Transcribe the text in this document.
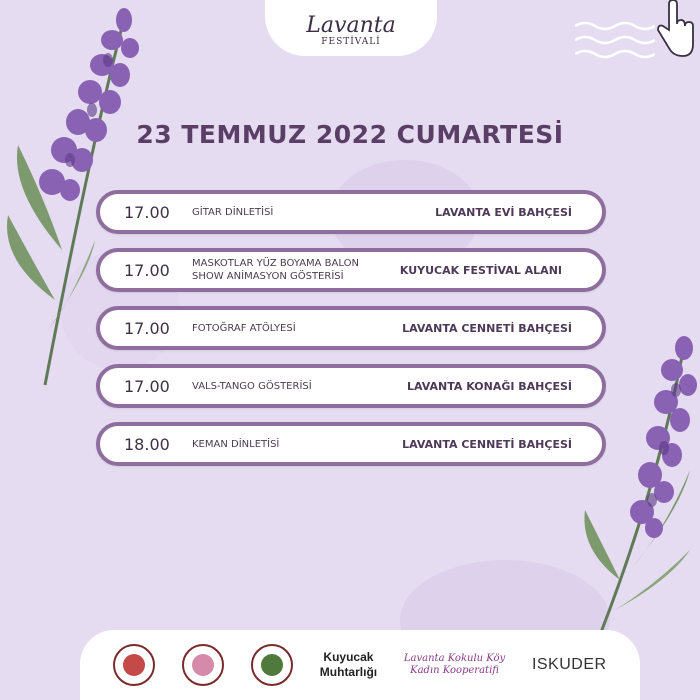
Lavanta
FESTİVALİ
23 TEMMUZ 2022 CUMARTESİ
17.00	GİTAR DİNLETİSİ	LAVANTA EVİ BAHÇESİ
17.00	MASKOTLAR YÜZ BOYAMA BALON SHOW ANİMASYON GÖSTERİSİ	KUYUCAK FESTİVAL ALANI
17.00	FOTOĞRAF ATÖLYESİ	LAVANTA CENNETİ BAHÇESİ
17.00	VALS-TANGO GÖSTERİSİ	LAVANTA KONAĞI BAHÇESİ
18.00	KEMAN DİNLETİSİ	LAVANTA CENNETİ BAHÇESİ
Kuyucak
Muhtarlığı
Lavanta Kokulu Köy
Kadın Kooperatifi	ISKUDER
